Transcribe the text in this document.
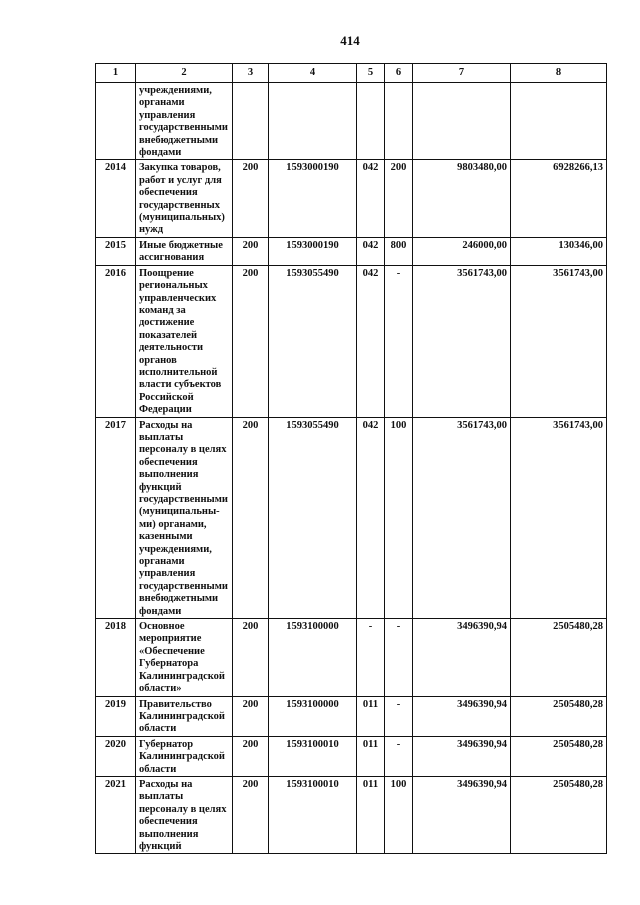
414
1	2	3	4	5	6	7	8
	учреждениями, органами управления государственными внебюджетными фондами						
2014	Закупка товаров, работ и услуг для обеспечения государственных (муниципальных) нужд	200	1593000190	042	200	9803480,00	6928266,13
2015	Иные бюджетные ассигнования	200	1593000190	042	800	246000,00	130346,00
2016	Поощрение региональных управленческих команд за достижение показателей деятельности органов исполнительной власти субъектов Российской Федерации	200	1593055490	042	-	3561743,00	3561743,00
2017	Расходы на выплаты персоналу в целях обеспечения выполнения функций государственными (муниципальны-ми) органами, казенными учреждениями, органами управления государственными внебюджетными фондами	200	1593055490	042	100	3561743,00	3561743,00
2018	Основное мероприятие «Обеспечение Губернатора Калининградской области»	200	1593100000	-	-	3496390,94	2505480,28
2019	Правительство Калининградской области	200	1593100000	011	-	3496390,94	2505480,28
2020	Губернатор Калининградской области	200	1593100010	011	-	3496390,94	2505480,28
2021	Расходы на выплаты персоналу в целях обеспечения выполнения функций	200	1593100010	011	100	3496390,94	2505480,28
